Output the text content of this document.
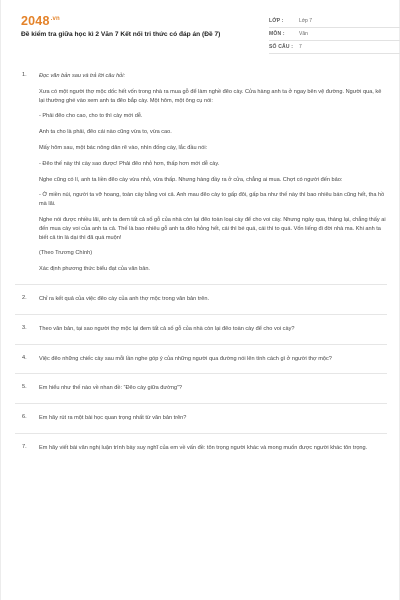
$2048^{.vn}$
Đề kiểm tra giữa học kì 2 Văn 7 Kết nối tri thức có đáp án (Đề 7)
LỚP :	Lớp 7
MÔN :	Văn
SỐ CÂU :	7
1. Đọc văn bản sau và trả lời câu hỏi:
Xưa có một người thợ mộc dốc hết vốn trong nhà ra mua gỗ để làm nghề đẽo cày. Cửa hàng anh ta ở ngay bên vệ đường. Người qua, kẻ lại thường ghé vào xem anh ta đẽo bắp cày. Một hôm, một ông cụ nói:
- Phải đẽo cho cao, cho to thì cày mới dễ.
Anh ta cho là phải, đẽo cái nào cũng vừa to, vừa cao.
Mấy hôm sau, một bác nông dân rẽ vào, nhìn đống cày, lắc đầu nói:
- Đẽo thế này thì cày sao được! Phải đẽo nhỏ hơn, thấp hơn mới dễ cày.
Nghe cũng có lí, anh ta liền đẽo cày vừa nhỏ, vừa thấp. Nhưng hàng đầy ra ở cửa, chẳng ai mua. Chợt có người đến bảo:
- Ở miền núi, người ta vỡ hoang, toàn cày bằng voi cả. Anh mau đẽo cày to gấp đôi, gấp ba như thế này thì bao nhiêu bán cũng hết, tha hồ mà lãi.
Nghe nói được nhiều lãi, anh ta đem tất cả số gỗ của nhà còn lại đẽo toàn loại cày để cho voi cày. Nhưng ngày qua, tháng lại, chẳng thấy ai đến mua cày voi của anh ta cả. Thế là bao nhiêu gỗ anh ta đẽo hỏng hết, cái thì bé quá, cái thì to quá. Vốn liếng đi đời nhà ma. Khi anh ta biết cả tin là dại thì đã quá muộn!
(Theo Trương Chính)
Xác định phương thức biểu đạt của văn bản.
2. Chỉ ra kết quả của việc đẽo cày của anh thợ mộc trong văn bản trên.
3. Theo văn bản, tại sao người thợ mộc lại đem tất cả số gỗ của nhà còn lại đẽo toàn cày để cho voi cày?
4. Việc đẽo những chiếc cày sau mỗi lần nghe góp ý của những người qua đường nói lên tính cách gì ở người thợ mộc?
5. Em hiểu như thế nào về nhan đề: “Đẽo cày giữa đường”?
6. Em hãy rút ra một bài học quan trọng nhất từ văn bản trên?
7. Em hãy viết bài văn nghị luận trình bày suy nghĩ của em về vấn đề: tôn trọng người khác và mong muốn được người khác tôn trọng.
